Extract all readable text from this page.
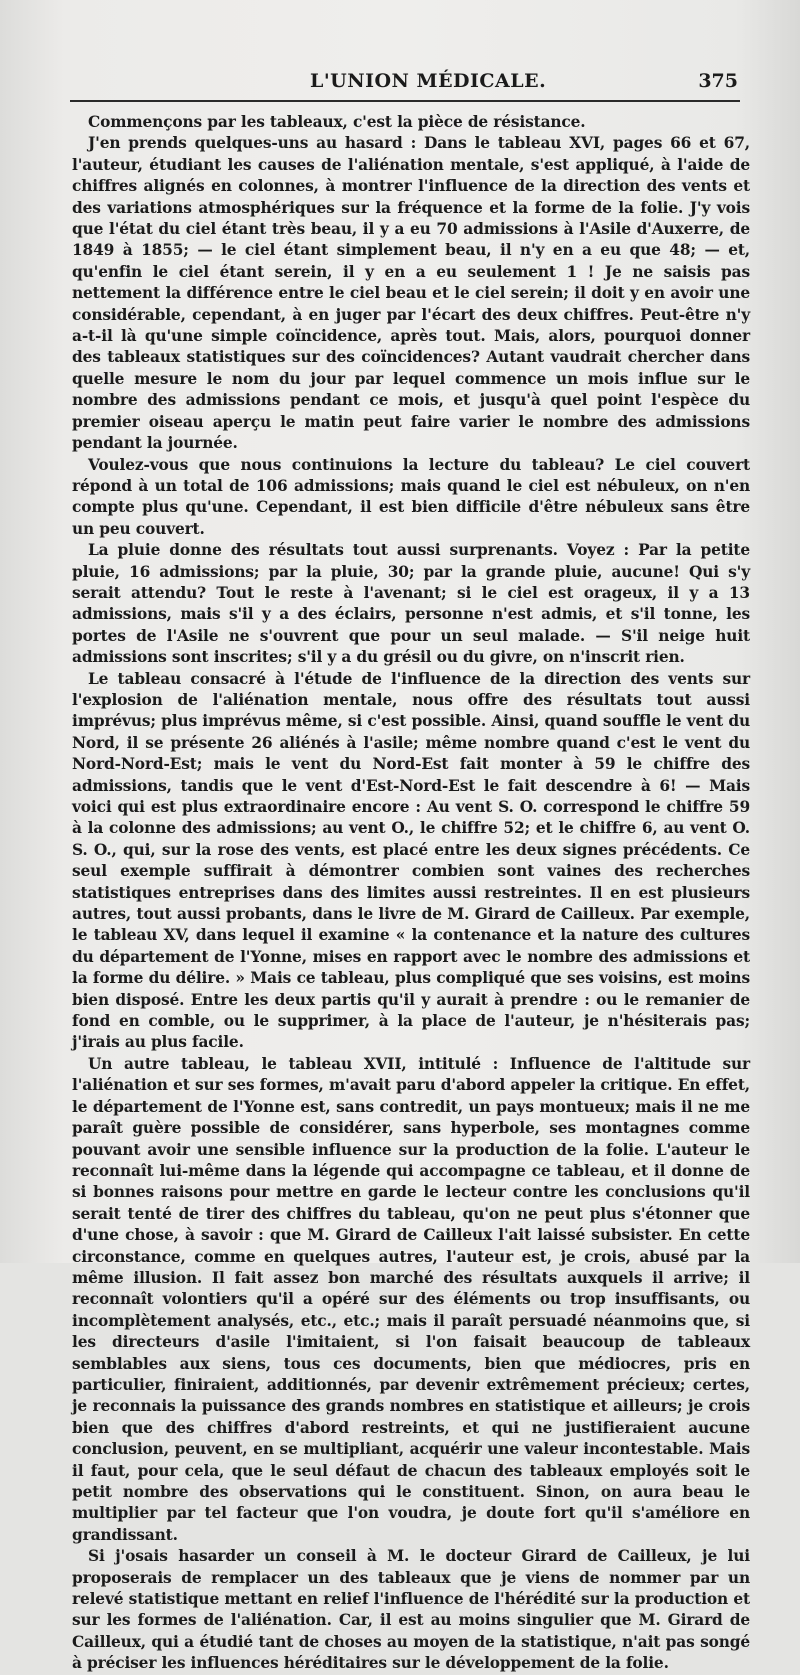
L'UNION MÉDICALE.	375

Commençons par les tableaux, c'est la pièce de résistance.

J'en prends quelques-uns au hasard : Dans le tableau XVI, pages 66 et 67, l'auteur, étudiant les causes de l'aliénation mentale, s'est appliqué, à l'aide de chiffres alignés en colonnes, à montrer l'influence de la direction des vents et des variations atmosphériques sur la fréquence et la forme de la folie. J'y vois que l'état du ciel étant très beau, il y a eu 70 admissions à l'Asile d'Auxerre, de 1849 à 1855; — le ciel étant simplement beau, il n'y en a eu que 48; — et, qu'enfin le ciel étant serein, il y en a eu seulement 1 ! Je ne saisis pas nettement la différence entre le ciel beau et le ciel serein; il doit y en avoir une considérable, cependant, à en juger par l'écart des deux chiffres. Peut-être n'y a-t-il là qu'une simple coïncidence, après tout. Mais, alors, pourquoi donner des tableaux statistiques sur des coïncidences? Autant vaudrait chercher dans quelle mesure le nom du jour par lequel commence un mois influe sur le nombre des admissions pendant ce mois, et jusqu'à quel point l'espèce du premier oiseau aperçu le matin peut faire varier le nombre des admissions pendant la journée.

Voulez-vous que nous continuions la lecture du tableau? Le ciel couvert répond à un total de 106 admissions; mais quand le ciel est nébuleux, on n'en compte plus qu'une. Cependant, il est bien difficile d'être nébuleux sans être un peu couvert.

La pluie donne des résultats tout aussi surprenants. Voyez : Par la petite pluie, 16 admissions; par la pluie, 30; par la grande pluie, aucune! Qui s'y serait attendu? Tout le reste à l'avenant; si le ciel est orageux, il y a 13 admissions, mais s'il y a des éclairs, personne n'est admis, et s'il tonne, les portes de l'Asile ne s'ouvrent que pour un seul malade. — S'il neige huit admissions sont inscrites; s'il y a du grésil ou du givre, on n'inscrit rien.

Le tableau consacré à l'étude de l'influence de la direction des vents sur l'explosion de l'aliénation mentale, nous offre des résultats tout aussi imprévus; plus imprévus même, si c'est possible. Ainsi, quand souffle le vent du Nord, il se présente 26 aliénés à l'asile; même nombre quand c'est le vent du Nord-Nord-Est; mais le vent du Nord-Est fait monter à 59 le chiffre des admissions, tandis que le vent d'Est-Nord-Est le fait descendre à 6! — Mais voici qui est plus extraordinaire encore : Au vent S. O. correspond le chiffre 59 à la colonne des admissions; au vent O., le chiffre 52; et le chiffre 6, au vent O. S. O., qui, sur la rose des vents, est placé entre les deux signes précédents. Ce seul exemple suffirait à démontrer combien sont vaines des recherches statistiques entreprises dans des limites aussi restreintes. Il en est plusieurs autres, tout aussi probants, dans le livre de M. Girard de Cailleux. Par exemple, le tableau XV, dans lequel il examine « la contenance et la nature des cultures du département de l'Yonne, mises en rapport avec le nombre des admissions et la forme du délire. » Mais ce tableau, plus compliqué que ses voisins, est moins bien disposé. Entre les deux partis qu'il y aurait à prendre : ou le remanier de fond en comble, ou le supprimer, à la place de l'auteur, je n'hésiterais pas; j'irais au plus facile.

Un autre tableau, le tableau XVII, intitulé : Influence de l'altitude sur l'aliénation et sur ses formes, m'avait paru d'abord appeler la critique. En effet, le département de l'Yonne est, sans contredit, un pays montueux; mais il ne me paraît guère possible de considérer, sans hyperbole, ses montagnes comme pouvant avoir une sensible influence sur la production de la folie. L'auteur le reconnaît lui-même dans la légende qui accompagne ce tableau, et il donne de si bonnes raisons pour mettre en garde le lecteur contre les conclusions qu'il serait tenté de tirer des chiffres du tableau, qu'on ne peut plus s'étonner que d'une chose, à savoir : que M. Girard de Cailleux l'ait laissé subsister. En cette circonstance, comme en quelques autres, l'auteur est, je crois, abusé par la même illusion. Il fait assez bon marché des résultats auxquels il arrive; il reconnaît volontiers qu'il a opéré sur des éléments ou trop insuffisants, ou incomplètement analysés, etc., etc.; mais il paraît persuadé néanmoins que, si les directeurs d'asile l'imitaient, si l'on faisait beaucoup de tableaux semblables aux siens, tous ces documents, bien que médiocres, pris en particulier, finiraient, additionnés, par devenir extrêmement précieux; certes, je reconnais la puissance des grands nombres en statistique et ailleurs; je crois bien que des chiffres d'abord restreints, et qui ne justifieraient aucune conclusion, peuvent, en se multipliant, acquérir une valeur incontestable. Mais il faut, pour cela, que le seul défaut de chacun des tableaux employés soit le petit nombre des observations qui le constituent. Sinon, on aura beau le multiplier par tel facteur que l'on voudra, je doute fort qu'il s'améliore en grandissant.

Si j'osais hasarder un conseil à M. le docteur Girard de Cailleux, je lui proposerais de remplacer un des tableaux que je viens de nommer par un relevé statistique mettant en relief l'influence de l'hérédité sur la production et sur les formes de l'aliénation. Car, il est au moins singulier que M. Girard de Cailleux, qui a étudié tant de choses au moyen de la statistique, n'ait pas songé à préciser les influences héréditaires sur le développement de la folie.
